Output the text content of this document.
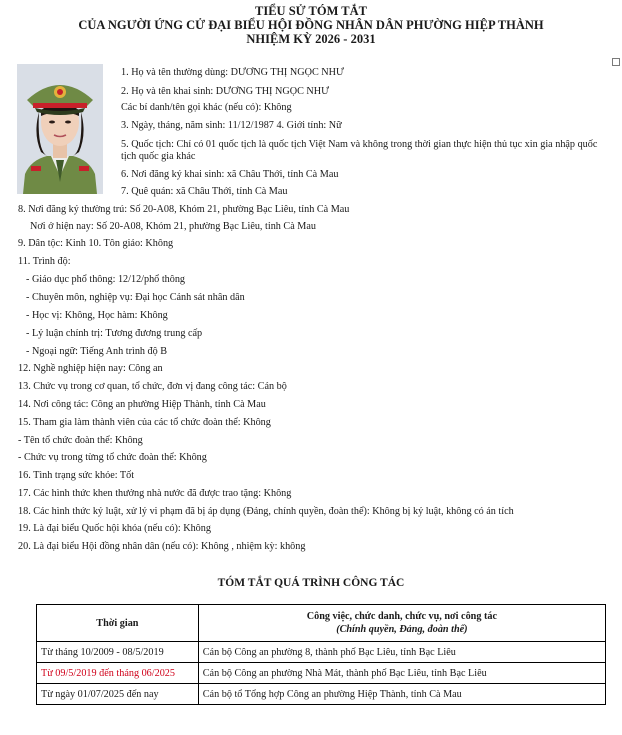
TIỂU SỬ TÓM TẮT
CỦA NGƯỜI ỨNG CỬ ĐẠI BIỂU HỘI ĐỒNG NHÂN DÂN PHƯỜNG HIỆP THÀNH
NHIỆM KỲ 2026 - 2031
1. Họ và tên thường dùng: DƯƠNG THỊ NGỌC NHƯ
2. Họ và tên khai sinh: DƯƠNG THỊ NGỌC NHƯ
Các bí danh/tên gọi khác (nếu có): Không
3. Ngày, tháng, năm sinh: 11/12/1987 4. Giới tính: Nữ
5. Quốc tịch: Chỉ có 01 quốc tịch là quốc tịch Việt Nam và không trong thời gian thực hiện thủ tục xin gia nhập quốc tịch quốc gia khác
6. Nơi đăng ký khai sinh: xã Châu Thới, tỉnh Cà Mau
7. Quê quán: xã Châu Thới, tỉnh Cà Mau
8. Nơi đăng ký thường trú: Số 20-A08, Khóm 21, phường Bạc Liêu, tỉnh Cà Mau
Nơi ở hiện nay: Số 20-A08, Khóm 21, phường Bạc Liêu, tỉnh Cà Mau
9. Dân tộc: Kinh 10. Tôn giáo: Không
11. Trình độ:
- Giáo dục phổ thông: 12/12/phổ thông
- Chuyên môn, nghiệp vụ: Đại học Cảnh sát nhân dân
- Học vị: Không, Học hàm: Không
- Lý luận chính trị: Tương đương trung cấp
- Ngoại ngữ: Tiếng Anh trình độ B
12. Nghề nghiệp hiện nay: Công an
13. Chức vụ trong cơ quan, tổ chức, đơn vị đang công tác: Cán bộ
14. Nơi công tác: Công an phường Hiệp Thành, tỉnh Cà Mau
15. Tham gia làm thành viên của các tổ chức đoàn thể: Không
- Tên tổ chức đoàn thể: Không
- Chức vụ trong từng tổ chức đoàn thể: Không
16. Tình trạng sức khỏe: Tốt
17. Các hình thức khen thưởng nhà nước đã được trao tặng: Không
18. Các hình thức kỷ luật, xử lý vi phạm đã bị áp dụng (Đảng, chính quyền, đoàn thể): Không bị kỷ luật, không có án tích
19. Là đại biểu Quốc hội khóa (nếu có): Không
20. Là đại biểu Hội đồng nhân dân (nếu có): Không , nhiệm kỳ: không
TÓM TẮT QUÁ TRÌNH CÔNG TÁC
Thời gian	Công việc, chức danh, chức vụ, nơi công tác
(Chính quyền, Đảng, đoàn thể)

Từ tháng 10/2009 - 08/5/2019	Cán bộ Công an phường 8, thành phố Bạc Liêu, tỉnh Bạc Liêu
Từ 09/5/2019 đến tháng 06/2025	Cán bộ Công an phường Nhà Mát, thành phố Bạc Liêu, tỉnh Bạc Liêu
Từ ngày 01/07/2025 đến nay	Cán bộ tổ Tổng hợp Công an phường Hiệp Thành, tỉnh Cà Mau
